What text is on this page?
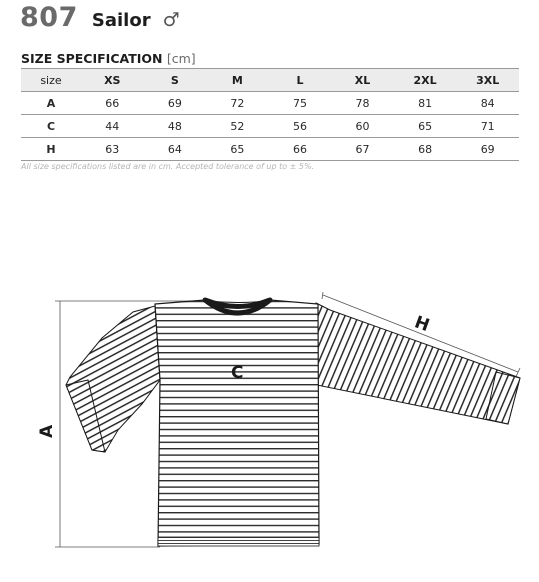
807 Sailor ♂
SIZE SPECIFICATION [cm]
size	XS	S	M	L	XL	2XL	3XL
A	66	69	72	75	78	81	84
C	44	48	52	56	60	65	71
H	63	64	65	66	67	68	69
All size specifications listed are in cm. Accepted tolerance of up to ± 5%.
C
H
A
